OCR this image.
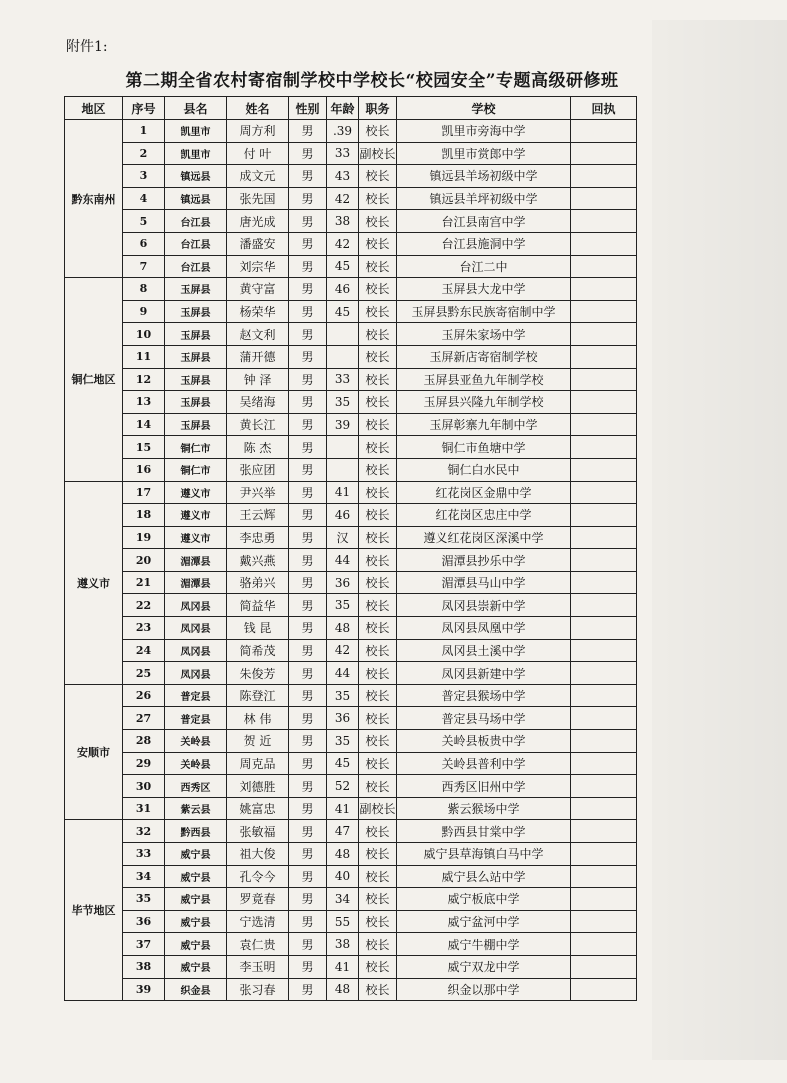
附件1:
第二期全省农村寄宿制学校中学校长“校园安全”专题高级研修班
地区	序号	县名	姓名	性别	年龄	职务	学校	回执
黔东南州	1	凯里市	周方利	男	.39	校长	凯里市旁海中学	
	2	凯里市	付 叶	男	33	副校长	凯里市赏郎中学	
	3	镇远县	成文元	男	43	校长	镇远县羊场初级中学	
	4	镇远县	张先国	男	42	校长	镇远县羊坪初级中学	
	5	台江县	唐光成	男	38	校长	台江县南宫中学	
	6	台江县	潘盛安	男	42	校长	台江县施洞中学	
	7	台江县	刘宗华	男	45	校长	台江二中	
铜仁地区	8	玉屏县	黄守富	男	46	校长	玉屏县大龙中学	
	9	玉屏县	杨荣华	男	45	校长	玉屏县黔东民族寄宿制中学	
	10	玉屏县	赵文利	男		校长	玉屏朱家场中学	
	11	玉屏县	蒲开德	男		校长	玉屏新店寄宿制学校	
	12	玉屏县	钟 泽	男	33	校长	玉屏县亚鱼九年制学校	
	13	玉屏县	吴绪海	男	35	校长	玉屏县兴隆九年制学校	
	14	玉屏县	黄长江	男	39	校长	玉屏彰寨九年制中学	
	15	铜仁市	陈 杰	男		校长	铜仁市鱼塘中学	
	16	铜仁市	张应团	男		校长	铜仁白水民中	
遵义市	17	遵义市	尹兴举	男	41	校长	红花岗区金鼎中学	
	18	遵义市	王云辉	男	46	校长	红花岗区忠庄中学	
	19	遵义市	李忠勇	男	汉	校长	遵义红花岗区深溪中学	
	20	湄潭县	戴兴燕	男	44	校长	湄潭县抄乐中学	
	21	湄潭县	骆弟兴	男	36	校长	湄潭县马山中学	
	22	凤冈县	简益华	男	35	校长	凤冈县崇新中学	
	23	凤冈县	钱 昆	男	48	校长	凤冈县凤凰中学	
	24	凤冈县	简希茂	男	42	校长	凤冈县土溪中学	
	25	凤冈县	朱俊芳	男	44	校长	凤冈县新建中学	
安顺市	26	普定县	陈登江	男	35	校长	普定县猴场中学	
	27	普定县	林 伟	男	36	校长	普定县马场中学	
	28	关岭县	贺 近	男	35	校长	关岭县板贵中学	
	29	关岭县	周克品	男	45	校长	关岭县普利中学	
	30	西秀区	刘德胜	男	52	校长	西秀区旧州中学	
	31	紫云县	姚富忠	男	41	副校长	紫云猴场中学	
毕节地区	32	黔西县	张敏福	男	47	校长	黔西县甘棠中学	
	33	威宁县	祖大俊	男	48	校长	威宁县草海镇白马中学	
	34	威宁县	孔令今	男	40	校长	威宁县么站中学	
	35	威宁县	罗竟春	男	34	校长	威宁板底中学	
	36	威宁县	宁选清	男	55	校长	威宁盆河中学	
	37	威宁县	袁仁贵	男	38	校长	威宁牛棚中学	
	38	威宁县	李玉明	男	41	校长	威宁双龙中学	
	39	织金县	张习春	男	48	校长	织金以那中学	
